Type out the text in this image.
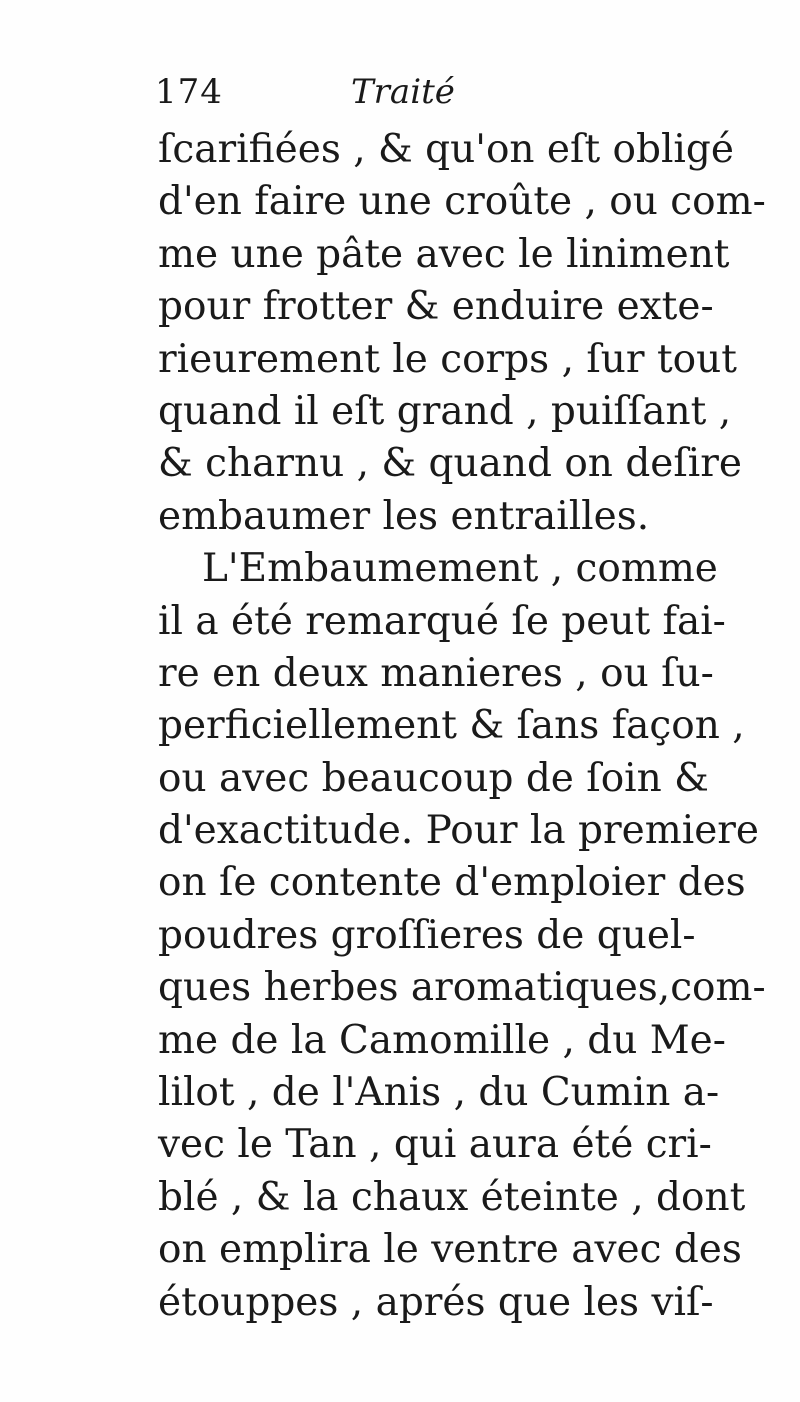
174	Traité
ſcarifiées , & qu'on eſt obligé
d'en faire une croûte , ou com-
me une pâte avec le liniment
pour frotter & enduire exte-
rieurement le corps , ſur tout
quand il eſt grand , puiſſant ,
& charnu , & quand on deſire
embaumer les entrailles.
L'Embaumement , comme
il a été remarqué ſe peut fai-
re en deux manieres , ou ſu-
perficiellement & ſans façon ,
ou avec beaucoup de ſoin &
d'exactitude. Pour la premiere
on ſe contente d'emploier des
poudres groſſieres de quel-
ques herbes aromatiques,com-
me de la Camomille , du Me-
lilot , de l'Anis , du Cumin a-
vec le Tan , qui aura été cri-
blé , & la chaux éteinte , dont
on emplira le ventre avec des
étouppes , aprés que les viſ-
